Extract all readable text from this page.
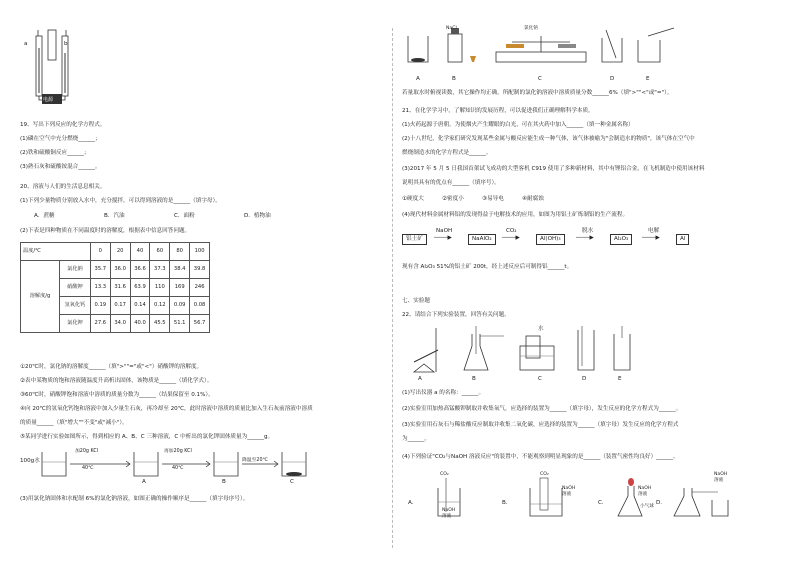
a	b
电源
19、写出下列反应的化学方程式。
(1)磷在空气中充分燃烧______；
(2)铁和硫酸铜反应______；
(3)熟石灰和硫酸铵混合______。
20、溶液与人们的生活息息相关。
(1)下列少量物质分别放入水中，充分搅拌，可以得到溶液的是______（填字母）。
A．蔗糖	B．汽油	C．面粉	D．植物油
(2)下表是四种物质在不同温度时的溶解度，根据表中信息回答问题。
温度/℃		0	20	40	60	80	100
溶解度/g	氯化钠	35.7	36.0	36.6	37.3	38.4	39.8
	硝酸钾	13.3	31.6	63.9	110	169	246
	氢氧化钙	0.19	0.17	0.14	0.12	0.09	0.08
	氯化钾	27.6	34.0	40.0	45.5	51.1	56.7
①20℃时，氯化钠的溶解度______（填">""="或"<"）硝酸钾的溶解度。
②表中某物质的饱和溶液随温度升高析出固体，该物质是______（填化学式）。
③60℃时，硝酸钾饱和溶液中溶质的质量分数为______（结果保留至 0.1%）。
④向 20℃的氢氧化钙饱和溶液中加入少量生石灰，再冷却至 20℃，此时溶液中溶质的质量比加入生石灰前溶液中溶质
的质量______（填"增大""不变"或"减小"）。
⑤某同学进行实验如图所示，得到相应的 A、B、C 三种溶液，C 中析出的氯化钾固体质量为______g。
100g水
加20g KCl
40℃
再加20g KCl
40℃
降温至20℃
A	B	C
(3)用氯化钠固体和水配制 6%的氯化钠溶液，如图正确的操作顺序是______（填字母序号）。
NaCl	氯化钠
A	B	C	D	E
若量取水时俯视读数，其它操作均正确，所配制的氯化钠溶液中溶质质量分数______6%（填">""<"或"="）。
21、在化学学习中，了解知识的发展历程，可以促进我们正确理解科学本质。
(1)火药起源于唐朝。为使烟火产生耀眼的白光，可在其火药中加入______（填一种金属名称）
(2)十八世纪，化学家们研究发现某些金属与酸反应能生成一种气体，该气体被喻为"会制造水的物质"，该气体在空气中
燃烧制造水的化学方程式是______。
(3)2017 年 5 月 5 日我国首架试飞成功的大型客机 C919 使用了多种新材料，其中有锂铝合金，在飞机制造中使用该材料
说明其具有的优点有______（填序号）。
①硬度大	②密度小	③易导电	④耐腐蚀
(4)现代材料金属材料铝的发现得益于电解技术的应用，如图为用铝土矿炼制铝的生产流程。
铝土矿
NaOH
────▶	NaAlO₂
CO₂
────▶	Al(OH)₃
脱水
────▶	Al₂O₃
电解
────▶	Al
现有含 Al₂O₃ 51%的铝土矿 200t，经上述反应后可制得铝______t。
七、实验题
22、请结合下列实验装置，回答有关问题。
水
A	B	C	D	E
(1)写出仪器 a 的名称：______。
(2)实验室用加热高锰酸钾制取并收集氧气，应选择的装置为______（填字母），发生反应的化学方程式为______。
(3)实验室用石灰石与稀盐酸反应制取并收集二氧化碳，应选择的装置为______（填字母）发生反应的化学方程式
为______。
(4)下列验证"CO₂与NaOH 溶液反应"的装置中，不能观察到明显现象的是______（装置气密性均良好）______。
A．	B．	C．	D．
CO₂
NaOH
溶液
CO₂
NaOH
溶液
NaOH
溶液
小气球
NaOH
溶液
